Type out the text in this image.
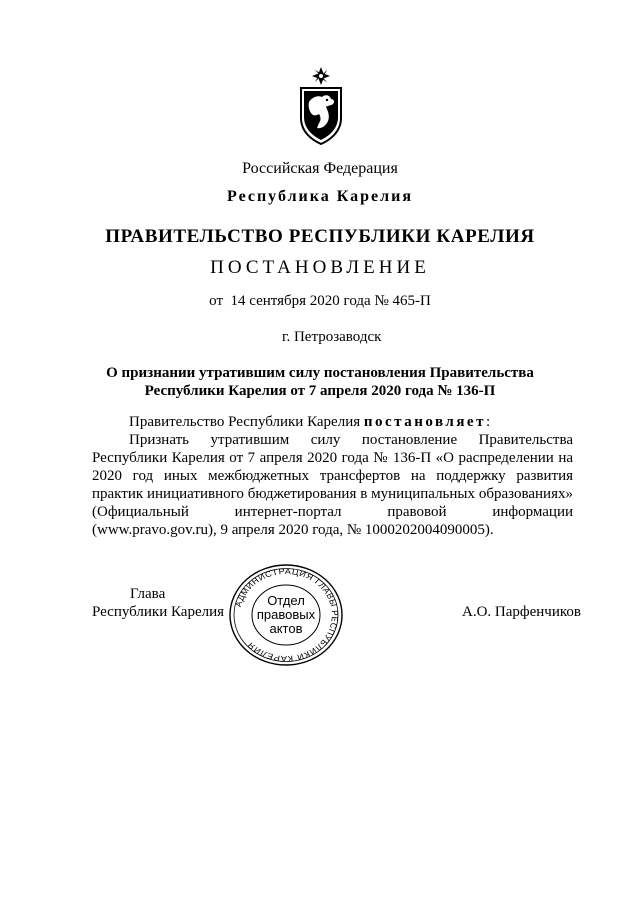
Российская Федерация
Республика Карелия
ПРАВИТЕЛЬСТВО РЕСПУБЛИКИ КАРЕЛИЯ
ПОСТАНОВЛЕНИЕ
от  14 сентября 2020 года № 465-П
г. Петрозаводск
О признании утратившим силу постановления Правительства
Республики Карелия от 7 апреля 2020 года № 136-П

Правительство Республики Карелия постановляет:

Признать утратившим силу постановление Правительства Республики Карелия от 7 апреля 2020 года № 136-П «О распределении на 2020 год иных межбюджетных трансфертов на поддержку развития практик инициативного бюджетирования в муниципальных образованиях» (Официальный интернет-портал правовой информации (www.pravo.gov.ru), 9 апреля 2020 года, № 1000202004090005).

Глава
Республики Карелия	А.О. Парфенчиков
АДМИНИСТРАЦИЯ ГЛАВЫ РЕСПУБЛИКИ КАРЕЛИЯ
Отдел
правовых
актов
